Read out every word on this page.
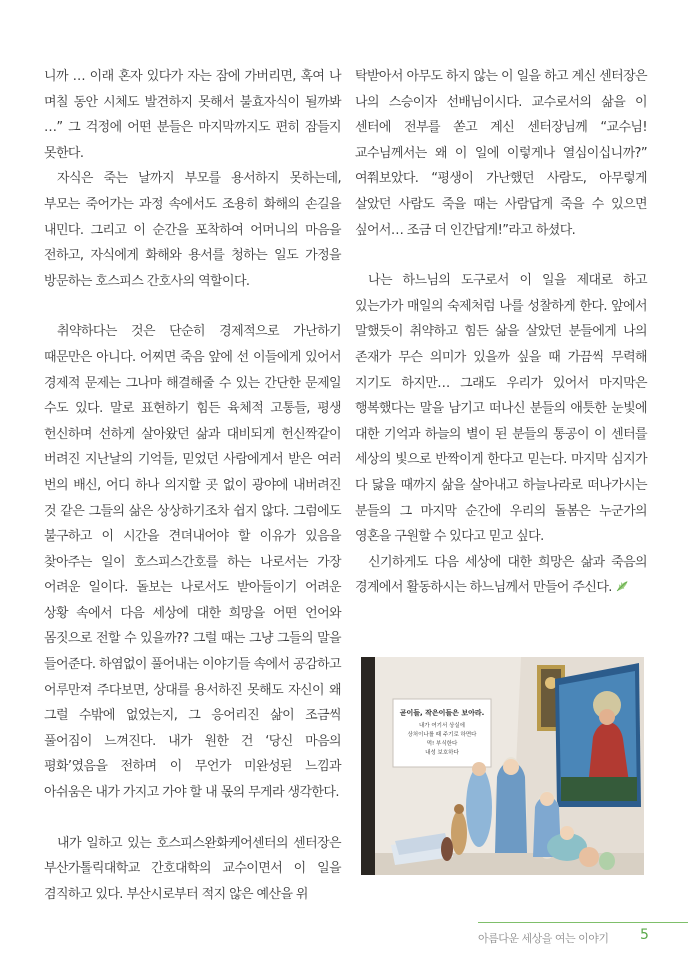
니까 … 이래 혼자 있다가 자는 잠에 가버리면, 혹여 나 며칠 동안 시체도 발견하지 못해서 불효자식이 될까봐 …” 그 걱정에 어떤 분들은 마지막까지도 편히 잠들지 못한다.

자식은 죽는 날까지 부모를 용서하지 못하는데, 부모는 죽어가는 과정 속에서도 조용히 화해의 손길을 내민다. 그리고 이 순간을 포착하여 어머니의 마음을 전하고, 자식에게 화해와 용서를 청하는 일도 가정을 방문하는 호스피스 간호사의 역할이다.

취약하다는 것은 단순히 경제적으로 가난하기 때문만은 아니다. 어찌면 죽음 앞에 선 이들에게 있어서 경제적 문제는 그나마 해결해줄 수 있는 간단한 문제일 수도 있다. 말로 표현하기 힘든 육체적 고통들, 평생 헌신하며 선하게 살아왔던 삶과 대비되게 헌신짝같이 버려진 지난날의 기억들, 믿었던 사람에게서 받은 여러 번의 배신, 어디 하나 의지할 곳 없이 광야에 내버려진 것 같은 그들의 삶은 상상하기조차 쉽지 않다. 그럼에도 불구하고 이 시간을 견뎌내어야 할 이유가 있음을 찾아주는 일이 호스피스간호를 하는 나로서는 가장 어려운 일이다. 돌보는 나로서도 받아들이기 어려운 상황 속에서 다음 세상에 대한 희망을 어떤 언어와 몸짓으로 전할 수 있을까?? 그럴 때는 그냥 그들의 말을 들어준다. 하염없이 풀어내는 이야기들 속에서 공감하고 어루만져 주다보면, 상대를 용서하진 못해도 자신이 왜 그럴 수밖에 없었는지, 그 응어리진 삶이 조금씩 풀어짐이 느껴진다. 내가 원한 건 ‘당신 마음의 평화’였음을 전하며 이 무언가 미완성된 느낌과 아쉬움은 내가 가지고 가야 할 내 몫의 무게라 생각한다.

내가 일하고 있는 호스피스완화케어센터의 센터장은 부산가톨릭대학교 간호대학의 교수이면서 이 일을 겸직하고 있다. 부산시로부터 적지 않은 예산을 위

탁받아서 아무도 하지 않는 이 일을 하고 계신 센터장은 나의 스승이자 선배님이시다. 교수로서의 삶을 이 센터에 전부를 쏟고 계신 센터장님께 “교수님! 교수님께서는 왜 이 일에 이렇게나 열심이십니까?” 여쭤보았다. “평생이 가난했던 사람도, 아무렇게 살았던 사람도 죽을 때는 사람답게 죽을 수 있으면 싶어서… 조금 더 인간답게!”라고 하셨다.

나는 하느님의 도구로서 이 일을 제대로 하고 있는가가 매일의 숙제처럼 나를 성찰하게 한다. 앞에서 말했듯이 취약하고 힘든 삶을 살았던 분들에게 나의 존재가 무슨 의미가 있을까 싶을 때 가끔씩 무력해 지기도 하지만… 그래도 우리가 있어서 마지막은 행복했다는 말을 남기고 떠나신 분들의 애틋한 눈빛에 대한 기억과 하늘의 별이 된 분들의 통공이 이 센터를 세상의 빛으로 반짝이게 한다고 믿는다. 마지막 심지가 다 닳을 때까지 삶을 살아내고 하늘나라로 떠나가시는 분들의 그 마지막 순간에 우리의 돌봄은 누군가의 영혼을 구원할 수 있다고 믿고 싶다.

신기하게도 다음 세상에 대한 희망은 삶과 죽음의 경계에서 활동하시는 하느님께서 만들어 주신다.

곧이들, 작은이들은 보아라.
내가 여기서 상실에
상처이나를 때 주기로 하면다
먹! 부식한다
내성 보호하다
아름다운 세상을 여는 이야기 5
